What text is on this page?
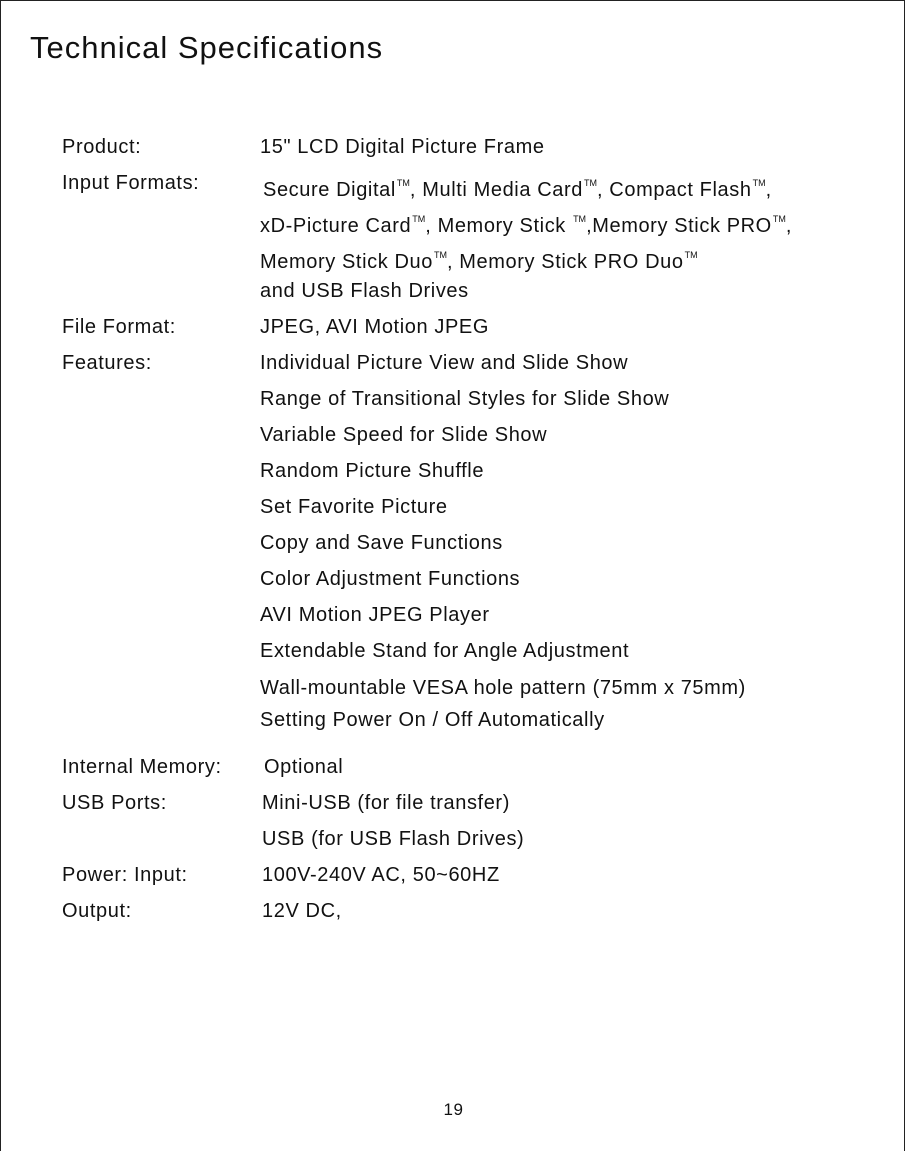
Technical Specifications
Product:	15" LCD Digital Picture Frame
Input Formats:	Secure Digital™, Multi Media Card™, Compact Flash™,
xD-Picture Card™, Memory Stick ™,Memory Stick PRO™,
Memory Stick Duo™, Memory Stick PRO Duo™
and USB Flash Drives
File Format:	JPEG, AVI Motion JPEG
Features:	Individual Picture View and Slide Show
Range of Transitional Styles for Slide Show
Variable Speed for Slide Show
Random Picture Shuffle
Set Favorite Picture
Copy and Save Functions
Color Adjustment Functions
AVI Motion JPEG Player
Extendable Stand for Angle Adjustment
Wall-mountable VESA hole pattern (75mm x 75mm)
Setting Power On / Off Automatically
Internal Memory: Optional
USB Ports:	Mini-USB (for file transfer)
USB (for USB Flash Drives)
Power: Input:	100V-240V AC, 50~60HZ
Output:	12V DC,
19
